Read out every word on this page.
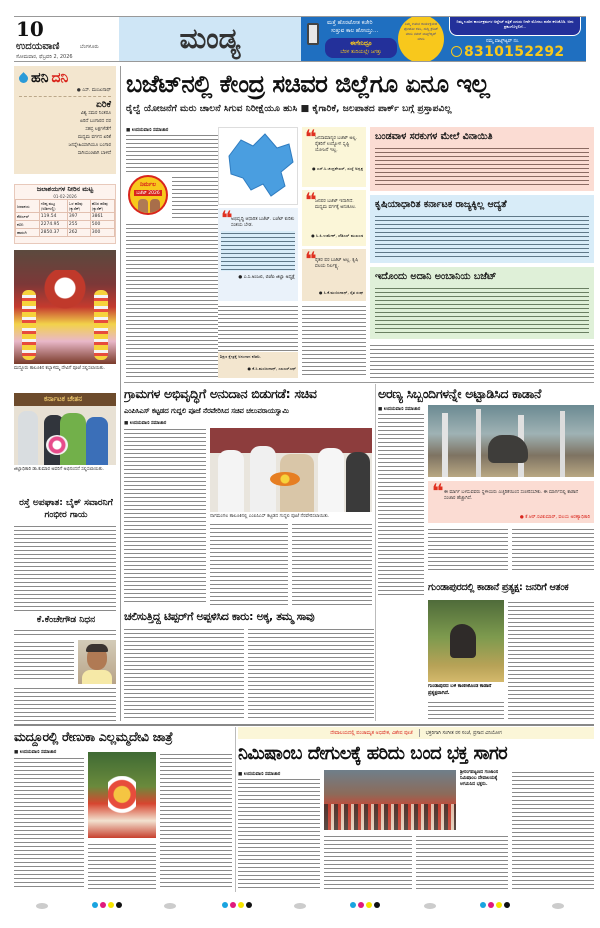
10
ಉದಯವಾಣಿ	ಬೆಂಗಳೂರು
ಸೋಮವಾರ, ಫೆಬ್ರವರಿ 2, 2026
ಮಂಡ್ಯ	ಮತ್ತೆ ಹೊರಟೋತ ಕಚೇರಿ
ಸುತ್ತುವ ಕಾಲ ಹೋಯ್ತು...
ಈಗೇನಿದ್ರೂ
ಬೆರಳ ತುದಿಯಲ್ಲೇ ಜಗತ್ತು
ನಿಮ್ಮ ಊರಿನ ಕಾರ್ಯಕ್ರಮದ ಫೋಟೋ ಕಳಿಸಿ, ಸುದ್ದಿ ಕ್ರೆಡಿಟ್ ಮಾಡಿ ನಮಗೆ ವಾಟ್ಸ್ಆ್ಯಪ್ ಮಾಡಿ
ನಿಮ್ಮ ಊರಿನ ಕಾರ್ಯಕ್ರಮಗಳ ಅಪ್ಡೇಟ್ ಪತ್ರಿಕೆ ಎದುರು ನೀವೇ ಮೊದಲು ಪಡೆದ ಕಳಿಸಿಕೊಡಿ. ಅದು ಪ್ರಕಟಗೊಳ್ಳಲಿದೆ...
ನಮ್ಮ ವಾಟ್ಸ್ಆ್ಯಪ್ ನಂ.
8310152292
ಹನಿ ದನಿ
● ಎಸ್. ಮಂಜುನಾಥ್
ಏರಿಕೆ
ವಿಶ್ವ ಸಮರ ನಿಂತರೂ
ಏರಿದೆ ಬಂಗಾರದ ದರ
ಸಹಸ್ರ ಲಕ್ಷಗಳೆಡೆಗೆ
ಮಧ್ಯಮ ವರ್ಗದ ಏರಿಕೆ
ಜನಸ್ನೇಹಿಯಾಗಿಯೂ ಬಂಗಾರ
ಸಾಗಿಯುಂಟಾಗಿ ಬಾಳಿದೆ
ಜಲಾಶಯಗಳ ನೀರಿನ ಮಟ್ಟ
01-02-2026
ಜಲಾಶಯ	ಗರಿಷ್ಠ ಮಟ್ಟ (ಅಡಿಗಳಲ್ಲಿ)	ಒಳ ಹರಿವು (ಕ್ಯುಸೆಕ್)	ಹೊರ ಹರಿವು (ಕ್ಯುಸೆಕ್)
ಕೆಆರ್ಎಸ್	119.54	397	3861
ಕಬಿನಿ	2274.95	255	500
ಹಾರಂಗಿ	2850.37	262	300
ಮದ್ದೂರು ತಾಲೂಕಿನ ಕಬ್ಬಾಳಮ್ಮ ದೇವಿಗೆ ಪೂಜೆ ಸಲ್ಲಿಸಲಾಯಿತು.
ಕರ್ನಾಟಕ ಚೇತನ
ಜಿಲ್ಲಾಧಿಕಾರಿ ಡಾ.ಕುಮಾರ ಅವರಿಗೆ ಅಭಿನಂದನೆ ಸಲ್ಲಿಸಲಾಯಿತು.
ರಸ್ತೆ ಅಪಘಾತ: ಬೈಕ್ ಸವಾರನಿಗೆ ಗಂಭೀರ ಗಾಯ
ಕೆ.ಕೆಂಚೇಗೌಡ ನಿಧನ
ಬಜೆಟ್‌ನಲ್ಲಿ ಕೇಂದ್ರ ಸಚಿವರ ಜಿಲ್ಲೆಗೂ ಏನೂ ಇಲ್ಲ
ರೈಲ್ವೆ ಯೋಜನೆಗೆ ಮರು ಚಾಲನೆ ಸಿಗುವ ನಿರೀಕ್ಷೆಯೂ ಹುಸಿ ■ ಕೈಗಾರಿಕೆ, ಜಲಪಾತದ ಪಾರ್ಕ್ ಬಗ್ಗೆ ಪ್ರಸ್ತಾಪವಿಲ್ಲ
■ ಉದಯವಾಣಿ ಸಮಾಚಾರ
ನಿರ್ಮಲ
ಬಜೆಟ್ 2026
❝
ಅಭಿವೃದ್ಧಿ ಆಧಾರಿತ ಬಜೆಟ್. ಬಜೆಟ್ ಕುರಿತು ಸಂಶಯ ಬೇಡ.
● ಎ.ಸಿ.ಅಂಜಲಿ, ಬಿಜೆಪಿ ಜಿಲ್ಲಾ ಅಧ್ಯಕ್ಷೆ
❝
ಜನಸಾಮಾನ್ಯರ ಬಜೆಟ್ ಅಲ್ಲ. ರೈತರಿಗೆ ಉದ್ಯೋಗ ಸೃಷ್ಟಿ ಯೋಜನೆ ಇಲ್ಲ.
● ಎಸ್.ಸಿ.ಚಂದ್ರಶೇಖರ್, ಸಂಸ್ಥೆ ಅಧ್ಯಕ್ಷ
❝
ಜನಪರ ಬಜೆಟ್ ಇದಾಗಿದೆ. ಮಧ್ಯಮ ವರ್ಗಕ್ಕೆ ಅನುಕೂಲ.
● ಸಿ.ಪಿ.ಉಮೇಶ್, ಜೆಡಿಎಸ್ ಮುಖಂಡ
❝
ರೈತರ ಪರ ಬಜೆಟ್ ಅಲ್ಲ. ಕೃಷಿ ವಲಯ ನಿರ್ಲಕ್ಷ್ಯ.
● ಸಿ.ಕೆ.ಮಂಜುನಾಥ್, ರೈತ ಸಂಘ
ಬಂಡವಾಳ ಸರಕುಗಳ ಮೇಲೆ ವಿನಾಯಿತಿ
ಕೃಷಿಯಾಧಾರಿತ ಕರ್ನಾಟಕ ರಾಜ್ಯಕ್ಕಿಲ್ಲ ಆದ್ಯತೆ
ಇದೊಂದು ಅದಾನಿ ಅಂಬಾನಿಯ ಬಜೆಟ್
ಗ್ರಾಮಗಳ ಅಭಿವೃದ್ಧಿಗೆ ಅನುದಾನ ಬಿಡುಗಡೆ: ಸಚಿವ
ಎಂಪಿಸಿಎಸ್ ಕಟ್ಟಡದ ಗುದ್ದಲಿ ಪೂಜೆ ನೆರವೇರಿಸಿದ ಸಚಿವ ಚಲುವರಾಯಸ್ವಾಮಿ
■ ಉದಯವಾಣಿ ಸಮಾಚಾರ
ನಾಗಮಂಗಲ ತಾಲೂಕಿನಲ್ಲಿ ಎಂಪಿಸಿಎಸ್ ಕಟ್ಟಡದ ಗುದ್ದಲಿ ಪೂಜೆ ನೆರವೇರಿಸಲಾಯಿತು.
ಚಲಿಸುತ್ತಿದ್ದ ಟಿಪ್ಪರ್‌ಗೆ ಅಪ್ಪಳಿಸಿದ ಕಾರು: ಅಕ್ಕ, ತಮ್ಮ ಸಾವು
ಅರಣ್ಯ ಸಿಬ್ಬಂದಿಗಳನ್ನೇ ಅಟ್ಟಾಡಿಸಿದ ಕಾಡಾನೆ
■ ಉದಯವಾಣಿ ಸಮಾಚಾರ
❝ ಈ ಮಾರ್ಗ ಬಳಸುವವರು ಸ್ಥಳೀಯರು ಎಚ್ಚರಿಕೆಯಿಂದ ಸಂಚರಿಸಬೇಕು. ಈ ಮಾರ್ಗದಲ್ಲಿ ಕಾಡಾನೆ ಸಂಚಾರ ಹೆಚ್ಚಾಗಿದೆ.
● ಕೆ.ಆರ್.ರವಿಕುಮಾರ್, ವಲಯ ಅರಣ್ಯಾಧಿಕಾರಿ
ಗುಂಡಾಪುರದಲ್ಲಿ ಕಾಡಾನೆ ಪ್ರತ್ಯಕ್ಷ: ಜನರಿಗೆ ಆತಂಕ
ಗುಂಡಾಪುರದ ಬಳಿ ಕಾಣಿಸಿಕೊಂಡ ಕಾಡಾನೆ ಪ್ರತ್ಯಕ್ಷವಾಗಿದೆ.
ಮದ್ದೂರಲ್ಲಿ ರೇಣುಕಾ ಎಲ್ಲಮ್ಮದೇವಿ ಜಾತ್ರೆ
■ ಉದಯವಾಣಿ ಸಮಾಚಾರ
ದೇವಾಲಯದಲ್ಲಿ ಪಂಚಾಮೃತ ಅಭಿಷೇಕ, ವಿಶೇಷ ಪೂಜೆ	ಭಕ್ತರಿಗಾಗಿ ಸಂಗೀತ ರಸ ಸಂಜೆ, ಪ್ರಸಾದ ವಿನಿಯೋಗ
ನಿಮಿಷಾಂಬ ದೇಗುಲಕ್ಕೆ ಹರಿದು ಬಂದ ಭಕ್ತ ಸಾಗರ
■ ಉದಯವಾಣಿ ಸಮಾಚಾರ	ಶ್ರೀರಂಗಪಟ್ಟಣದ ಗಂಜಾಂನ ನಿಮಿಷಾಂಬ ದೇವಾಲಯಕ್ಕೆ ಆಗಮಿಸಿದ ಭಕ್ತರು.
ಶಿಕ್ಷಣ ಕ್ಷೇತ್ರಕ್ಕೆ ಅನುದಾನ ಕಡಿಮೆ.
● ಕೆ.ಸಿ.ಮಂಜುನಾಥ್, ಎಐಎಸ್ಎಫ್
